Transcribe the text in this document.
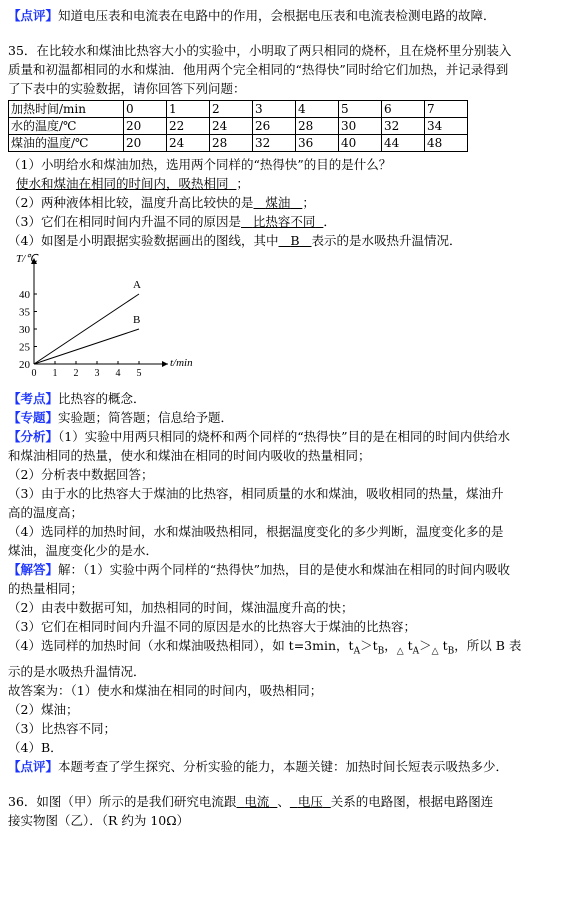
【点评】知道电压表和电流表在电路中的作用，会根据电压表和电流表检测电路的故障．
35．在比较水和煤油比热容大小的实验中，小明取了两只相同的烧杯，且在烧杯里分别装入
质量和初温都相同的水和煤油．他用两个完全相同的“热得快”同时给它们加热，并记录得到
了下表中的实验数据，请你回答下列问题：
加热时间/min	0	1	2	3	4	5	6	7
水的温度/℃	20	22	24	26	28	30	32	34
煤油的温度/℃	20	24	28	32	36	40	44	48
（1）小明给水和煤油加热，选用两个同样的“热得快”的目的是什么？
使水和煤油在相同的时间内，吸热相同 ；
（2）两种液体相比较，温度升高比较快的是 煤油 ；
（3）它们在相同时间内升温不同的原因是 比热容不同 ．
（4）如图是小明跟据实验数据画出的图线，其中 B 表示的是水吸热升温情况．
20
25
30
35
40
0 1 2 3 4 5
T/℃
t/min
A
B
【考点】比热容的概念．
【专题】实验题；简答题；信息给予题．
【分析】（1）实验中用两只相同的烧杯和两个同样的“热得快”目的是在相同的时间内供给水
和煤油相同的热量，使水和煤油在相同的时间内吸收的热量相同；
（2）分析表中数据回答；
（3）由于水的比热容大于煤油的比热容，相同质量的水和煤油，吸收相同的热量，煤油升
高的温度高；
（4）选同样的加热时间，水和煤油吸热相同，根据温度变化的多少判断，温度变化多的是
煤油，温度变化少的是水．
【解答】解：（1）实验中两个同样的“热得快”加热，目的是使水和煤油在相同的时间内吸收
的热量相同；
（2）由表中数据可知，加热相同的时间，煤油温度升高的快；
（3）它们在相同时间内升温不同的原因是水的比热容大于煤油的比热容；
（4）选同样的加热时间（水和煤油吸热相同），如 t=3min，$t_A>t_B$，$_\triangle$ $t_A>_\triangle$ $t_B$，所以 B 表
示的是水吸热升温情况．
故答案为：（1）使水和煤油在相同的时间内，吸热相同；
（2）煤油；
（3）比热容不同；
（4）B．
【点评】本题考查了学生探究、分析实验的能力，本题关键：加热时间长短表示吸热多少．
36．如图（甲）所示的是我们研究电流跟 电流 、 电压 关系的电路图，根据电路图连
接实物图（乙）．（R 约为 10Ω）
